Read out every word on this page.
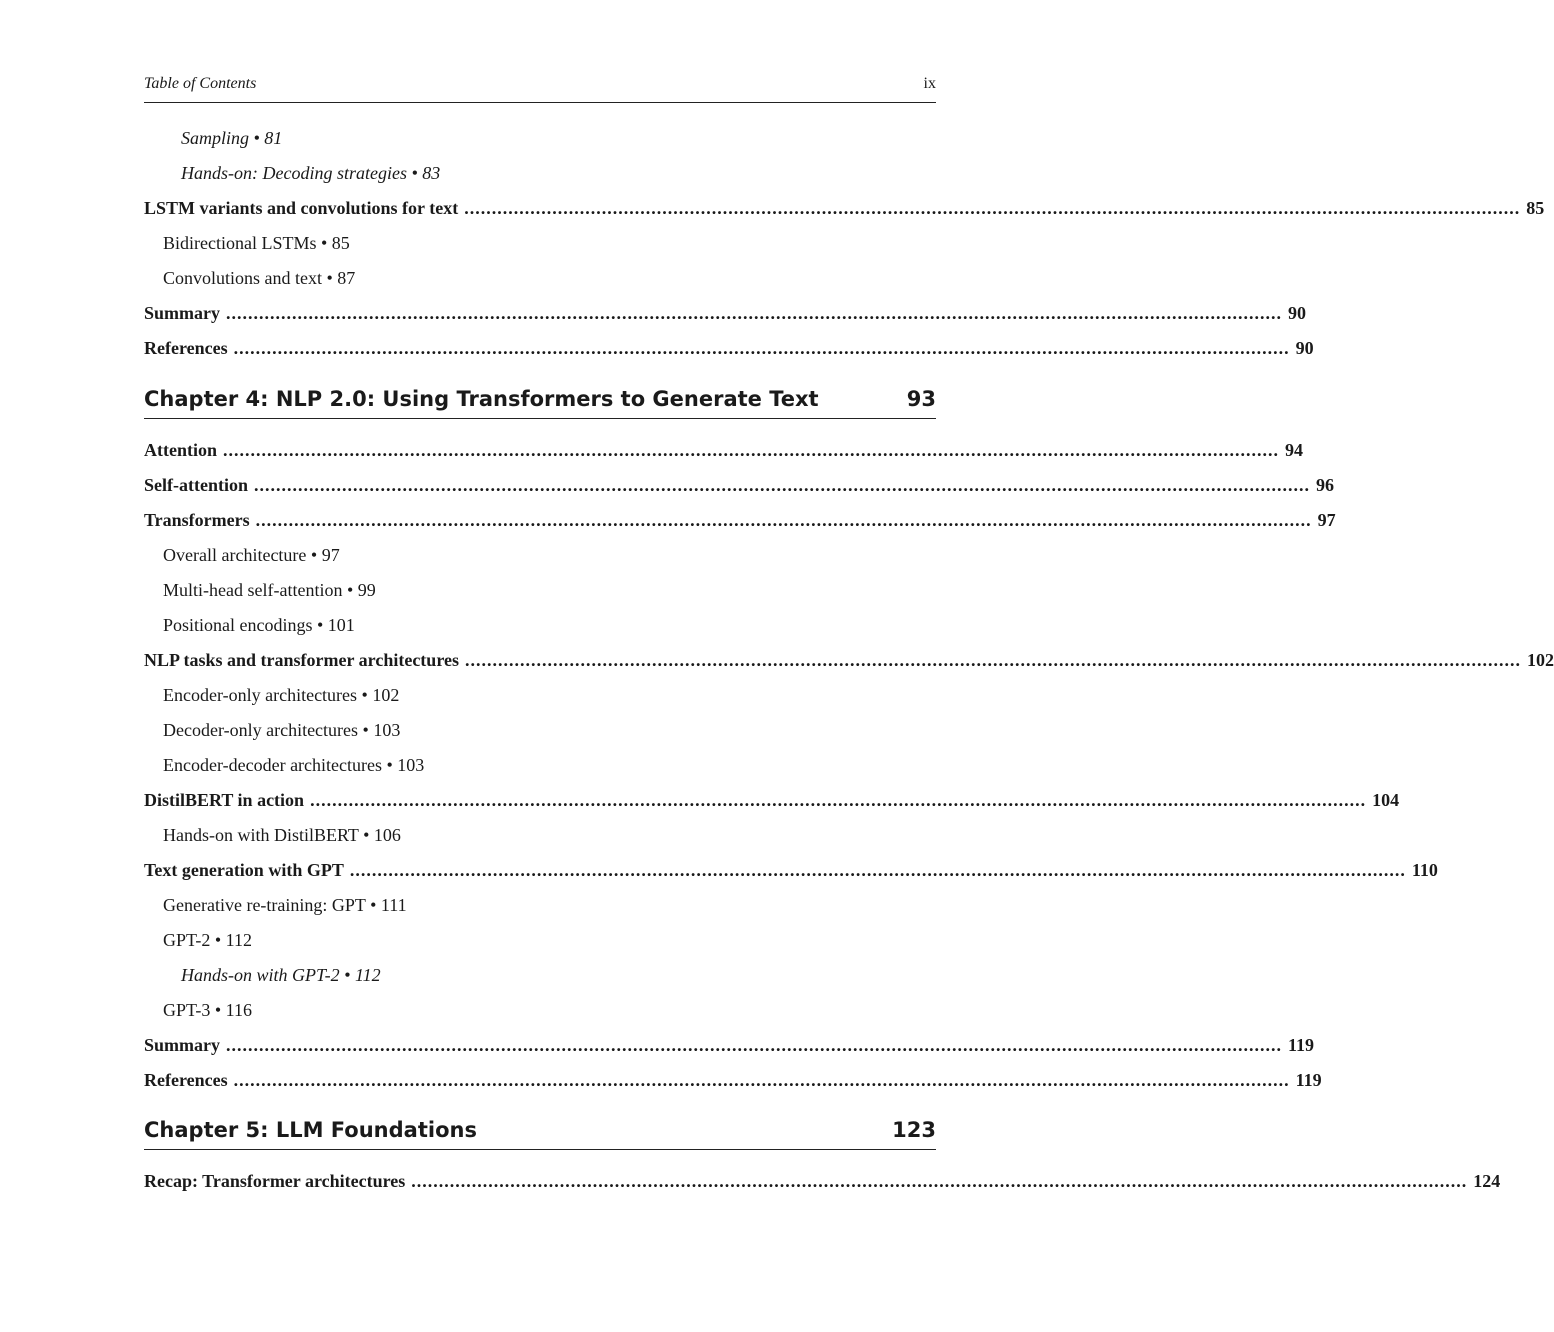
Table of Contents	ix
Sampling • 81
Hands-on: Decoding strategies • 83
LSTM variants and convolutions for text ................................................................................................................................................................................................ 85
Bidirectional LSTMs • 85
Convolutions and text • 87
Summary ................................................................................................................................................................................................ 90
References ................................................................................................................................................................................................ 90
Chapter 4: NLP 2.0: Using Transformers to Generate Text	93
Attention ................................................................................................................................................................................................ 94
Self-attention ................................................................................................................................................................................................ 96
Transformers ................................................................................................................................................................................................ 97
Overall architecture • 97
Multi-head self-attention • 99
Positional encodings • 101
NLP tasks and transformer architectures ................................................................................................................................................................................................ 102
Encoder-only architectures • 102
Decoder-only architectures • 103
Encoder-decoder architectures • 103
DistilBERT in action ................................................................................................................................................................................................ 104
Hands-on with DistilBERT • 106
Text generation with GPT ................................................................................................................................................................................................ 110
Generative re-training: GPT • 111
GPT-2 • 112
Hands-on with GPT-2 • 112
GPT-3 • 116
Summary ................................................................................................................................................................................................ 119
References ................................................................................................................................................................................................ 119
Chapter 5: LLM Foundations	123
Recap: Transformer architectures ................................................................................................................................................................................................ 124
